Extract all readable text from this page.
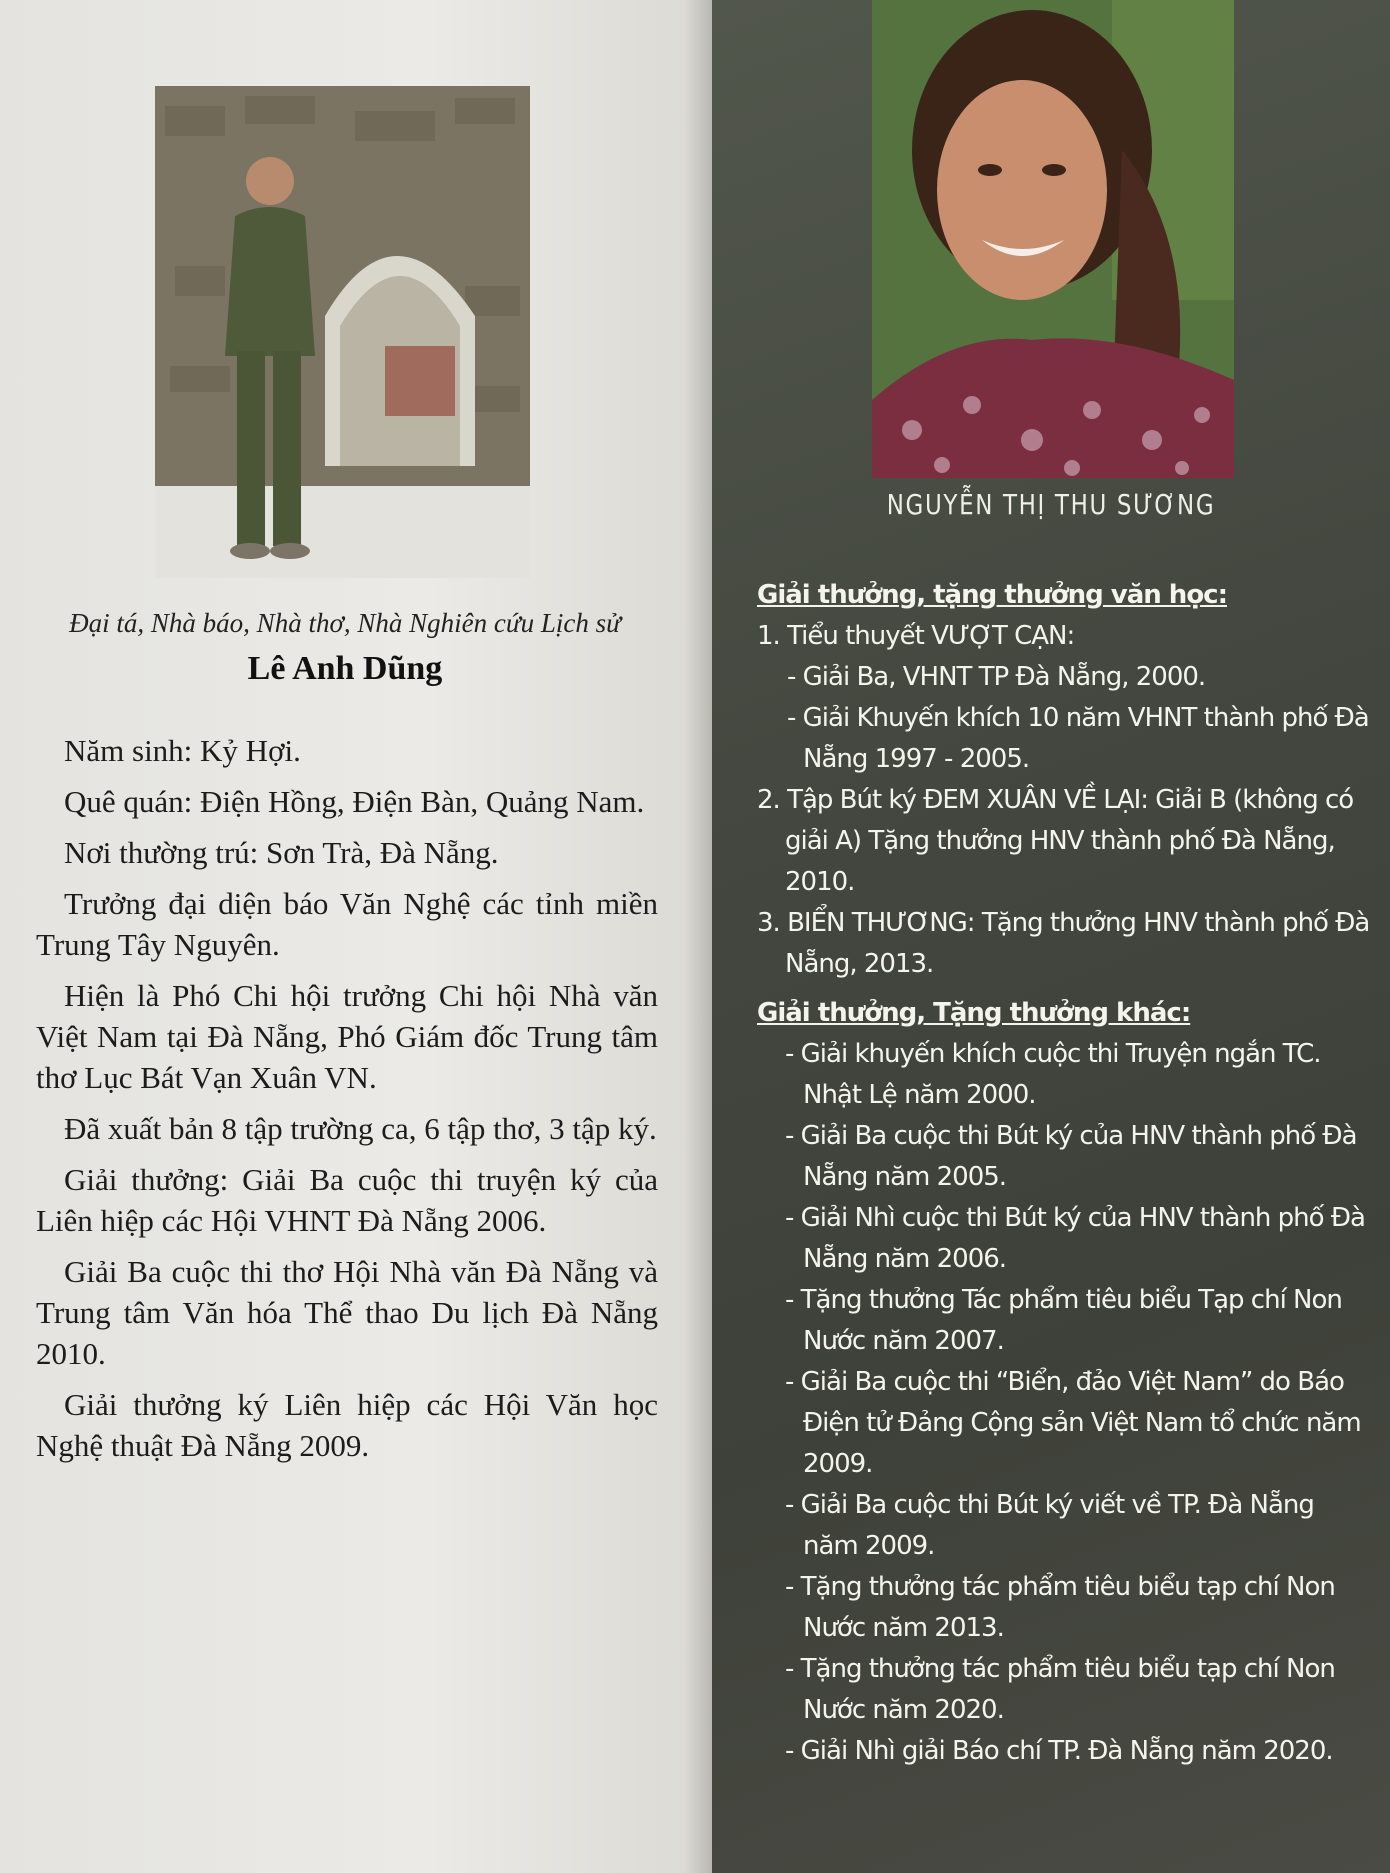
Đại tá, Nhà báo, Nhà thơ, Nhà Nghiên cứu Lịch sử
Lê Anh Dũng

Năm sinh: Kỷ Hợi.

Quê quán: Điện Hồng, Điện Bàn, Quảng Nam.

Nơi thường trú: Sơn Trà, Đà Nẵng.

Trưởng đại diện báo Văn Nghệ các tỉnh miền Trung Tây Nguyên.

Hiện là Phó Chi hội trưởng Chi hội Nhà văn Việt Nam tại Đà Nẵng, Phó Giám đốc Trung tâm thơ Lục Bát Vạn Xuân VN.

Đã xuất bản 8 tập trường ca, 6 tập thơ, 3 tập ký.

Giải thưởng: Giải Ba cuộc thi truyện ký của Liên hiệp các Hội VHNT Đà Nẵng 2006.

Giải Ba cuộc thi thơ Hội Nhà văn Đà Nẵng và Trung tâm Văn hóa Thể thao Du lịch Đà Nẵng 2010.

Giải thưởng ký Liên hiệp các Hội Văn học Nghệ thuật Đà Nẵng 2009.

NGUYỄN THỊ THU SƯƠNG
Giải thưởng, tặng thưởng văn học:

1. Tiểu thuyết VƯỢT CẠN:

- Giải Ba, VHNT TP Đà Nẵng, 2000.

- Giải Khuyến khích 10 năm VHNT thành phố Đà Nẵng 1997 - 2005.

2. Tập Bút ký ĐEM XUÂN VỀ LẠI: Giải B (không có giải A) Tặng thưởng HNV thành phố Đà Nẵng, 2010.

3. BIỂN THƯƠNG: Tặng thưởng HNV thành phố Đà Nẵng, 2013.

Giải thưởng, Tặng thưởng khác:

- Giải khuyến khích cuộc thi Truyện ngắn TC. Nhật Lệ năm 2000.

- Giải Ba cuộc thi Bút ký của HNV thành phố Đà Nẵng năm 2005.

- Giải Nhì cuộc thi Bút ký của HNV thành phố Đà Nẵng năm 2006.

- Tặng thưởng Tác phẩm tiêu biểu Tạp chí Non Nước năm 2007.

- Giải Ba cuộc thi “Biển, đảo Việt Nam” do Báo Điện tử Đảng Cộng sản Việt Nam tổ chức năm 2009.

- Giải Ba cuộc thi Bút ký viết về TP. Đà Nẵng năm 2009.

- Tặng thưởng tác phẩm tiêu biểu tạp chí Non Nước năm 2013.

- Tặng thưởng tác phẩm tiêu biểu tạp chí Non Nước năm 2020.

- Giải Nhì giải Báo chí TP. Đà Nẵng năm 2020.
